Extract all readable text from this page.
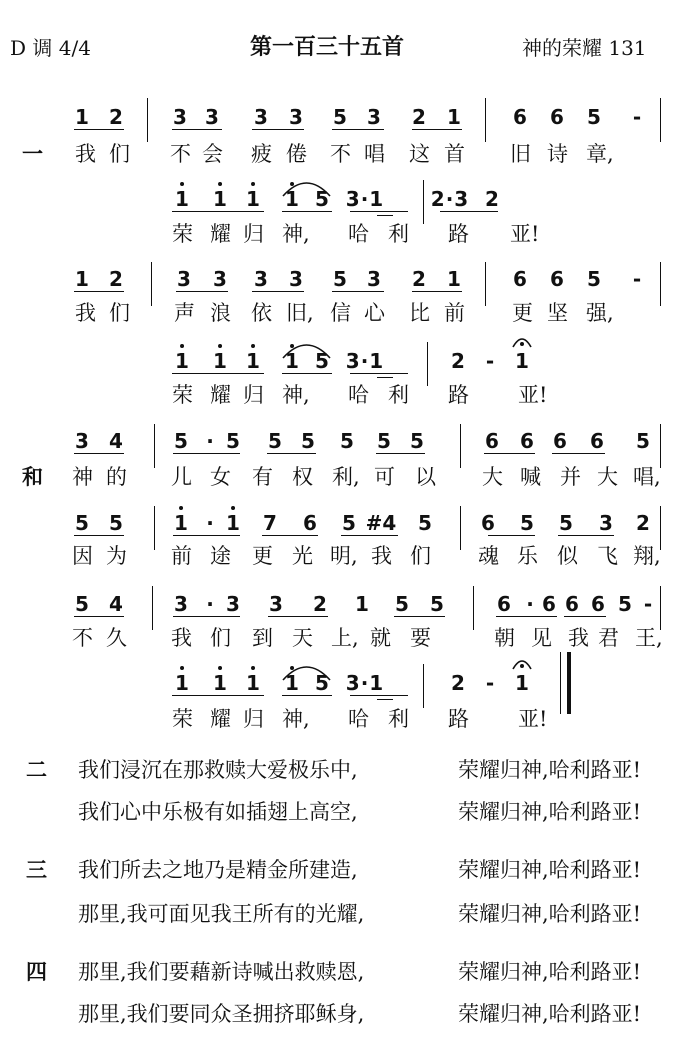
D 调 4/4	第一百三十五首	神的荣耀 131
1 2	3 3 3 3 5 3 2 1	6 6 5 -
一 我 们 不 会 疲 倦 不 唱 这 首 旧 诗 章,
1 1 1 1 5 3·1 2·3 2
荣 耀 归 神, 哈 利 路 亚!
1 2	3 3 3 3 5 3 2 1	6 6 5 -
我 们 声 浪 依 旧, 信 心 比 前 更 坚 强,
1 1 1 1 5 3·1	2 - 1
荣 耀 归 神, 哈 利 路 亚!
3 4	5 · 5 5 5 5 5 5	6 6 6 6 5
和 神 的 儿 女 有 权 利, 可 以 大 喊 并 大 唱,
5 5	1 · 1 7 6 5 #4 5 6 5 5 3 2
因 为 前 途 更 光 明, 我 们 魂 乐 似 飞 翔,
5 4	3 · 3 3 2 1 5 5	6 · 6 6 6 5 -
不 久 我 们 到 天 上, 就 要	朝 见 我 君 王,
1 1 1 1 5 3·1	2 - 1
荣 耀 归 神, 哈 利 路 亚!
二 我们浸沉在那救赎大爱极乐中,	荣耀归神,哈利路亚!
我们心中乐极有如插翅上高空,	荣耀归神,哈利路亚!
三 我们所去之地乃是精金所建造,	荣耀归神,哈利路亚!
那里,我可面见我王所有的光耀,	荣耀归神,哈利路亚!
四 那里,我们要藉新诗喊出救赎恩,	荣耀归神,哈利路亚!
那里,我们要同众圣拥挤耶稣身,	荣耀归神,哈利路亚!
